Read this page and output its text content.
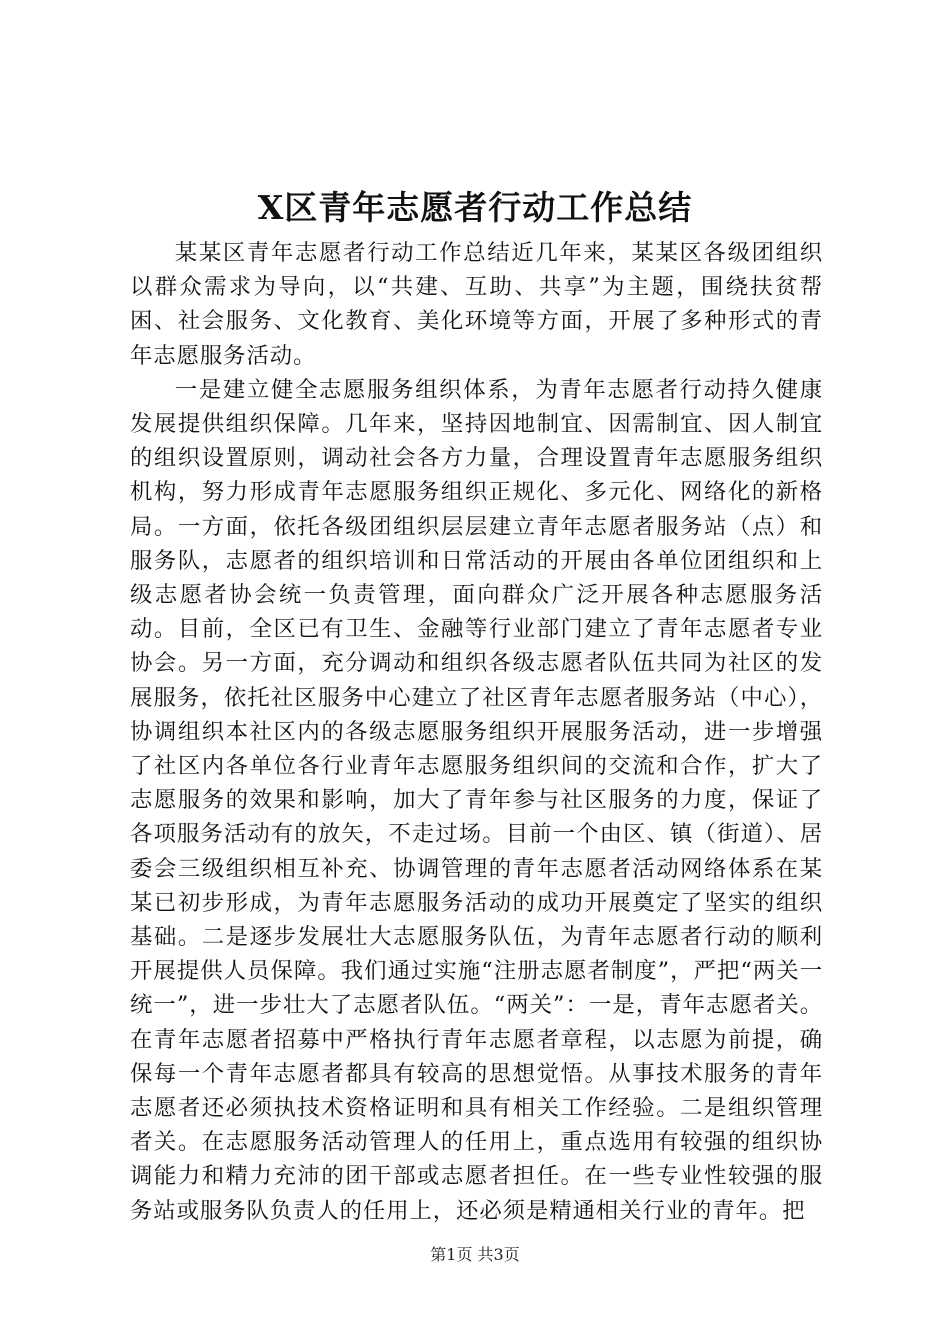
X区青年志愿者行动工作总结

某某区青年志愿者行动工作总结近几年来，某某区各级团组织以群众需求为导向，以“共建、互助、共享”为主题，围绕扶贫帮困、社会服务、文化教育、美化环境等方面，开展了多种形式的青年志愿服务活动。

一是建立健全志愿服务组织体系，为青年志愿者行动持久健康发展提供组织保障。几年来，坚持因地制宜、因需制宜、因人制宜的组织设置原则，调动社会各方力量，合理设置青年志愿服务组织机构，努力形成青年志愿服务组织正规化、多元化、网络化的新格局。一方面，依托各级团组织层层建立青年志愿者服务站（点）和服务队，志愿者的组织培训和日常活动的开展由各单位团组织和上级志愿者协会统一负责管理，面向群众广泛开展各种志愿服务活动。目前，全区已有卫生、金融等行业部门建立了青年志愿者专业协会。另一方面，充分调动和组织各级志愿者队伍共同为社区的发展服务，依托社区服务中心建立了社区青年志愿者服务站（中心），协调组织本社区内的各级志愿服务组织开展服务活动，进一步增强了社区内各单位各行业青年志愿服务组织间的交流和合作，扩大了志愿服务的效果和影响，加大了青年参与社区服务的力度，保证了各项服务活动有的放矢，不走过场。目前一个由区、镇（街道）、居委会三级组织相互补充、协调管理的青年志愿者活动网络体系在某某已初步形成，为青年志愿服务活动的成功开展奠定了坚实的组织基础。二是逐步发展壮大志愿服务队伍，为青年志愿者行动的顺利开展提供人员保障。我们通过实施“注册志愿者制度”，严把“两关一统一”，进一步壮大了志愿者队伍。“两关”：一是，青年志愿者关。在青年志愿者招募中严格执行青年志愿者章程，以志愿为前提，确保每一个青年志愿者都具有较高的思想觉悟。从事技术服务的青年志愿者还必须执技术资格证明和具有相关工作经验。二是组织管理者关。在志愿服务活动管理人的任用上，重点选用有较强的组织协调能力和精力充沛的团干部或志愿者担任。在一些专业性较强的服务站或服务队负责人的任用上，还必须是精通相关行业的青年。把

第1页 共3页
